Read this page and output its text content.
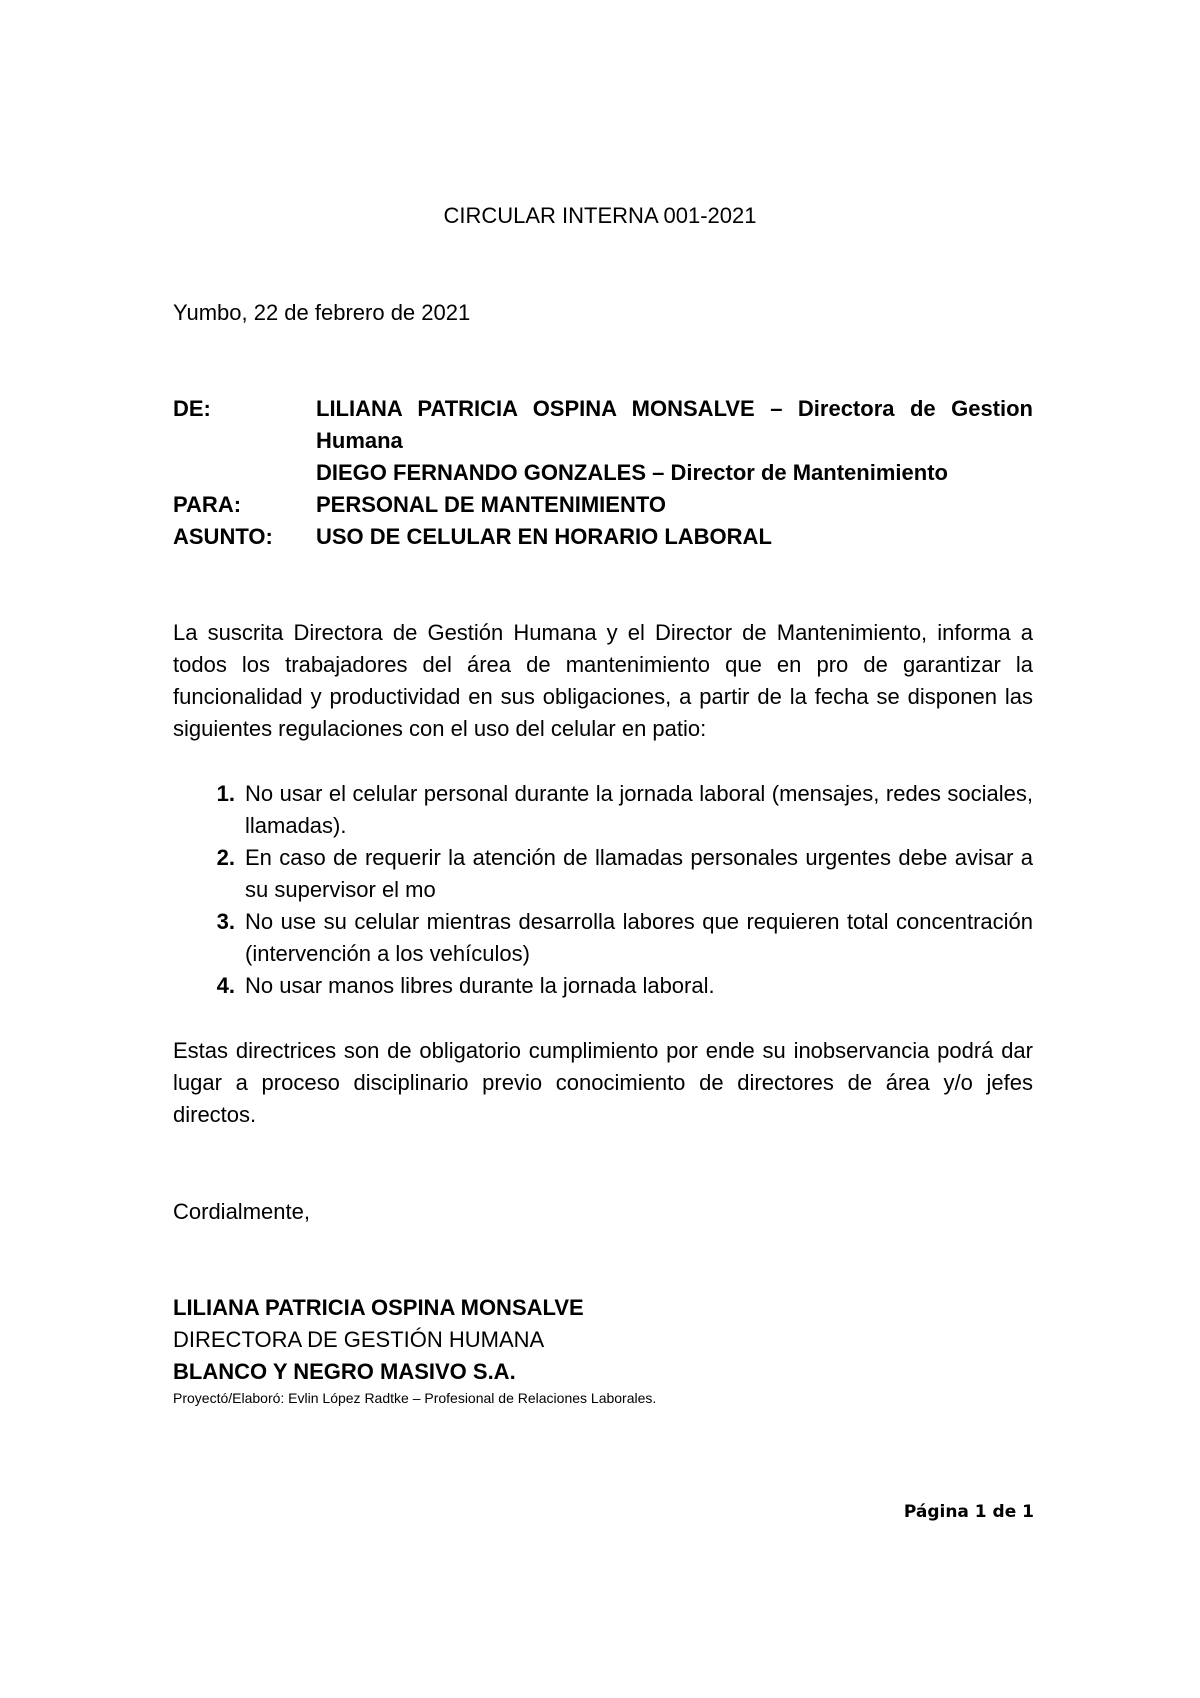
CIRCULAR INTERNA 001-2021
Yumbo, 22 de febrero de 2021
DE:	LILIANA PATRICIA OSPINA MONSALVE – Directora de Gestion Humana
DIEGO FERNANDO GONZALES – Director de Mantenimiento
PARA:	PERSONAL DE MANTENIMIENTO
ASUNTO:	USO DE CELULAR EN HORARIO LABORAL
La suscrita Directora de Gestión Humana y el Director de Mantenimiento, informa a todos los trabajadores del área de mantenimiento que en pro de garantizar la funcionalidad y productividad en sus obligaciones, a partir de la fecha se disponen las siguientes regulaciones con el uso del celular en patio:
1. No usar el celular personal durante la jornada laboral (mensajes, redes sociales, llamadas).
2. En caso de requerir la atención de llamadas personales urgentes debe avisar a su supervisor el mo
3. No use su celular mientras desarrolla labores que requieren total concentración (intervención a los vehículos)
4. No usar manos libres durante la jornada laboral.
Estas directrices son de obligatorio cumplimiento por ende su inobservancia podrá dar lugar a proceso disciplinario previo conocimiento de directores de área y/o jefes directos.
Cordialmente,
LILIANA PATRICIA OSPINA MONSALVE
DIRECTORA DE GESTIÓN HUMANA
BLANCO Y NEGRO MASIVO S.A.
Proyectó/Elaboró: Evlin López Radtke – Profesional de Relaciones Laborales.
Página 1 de 1
